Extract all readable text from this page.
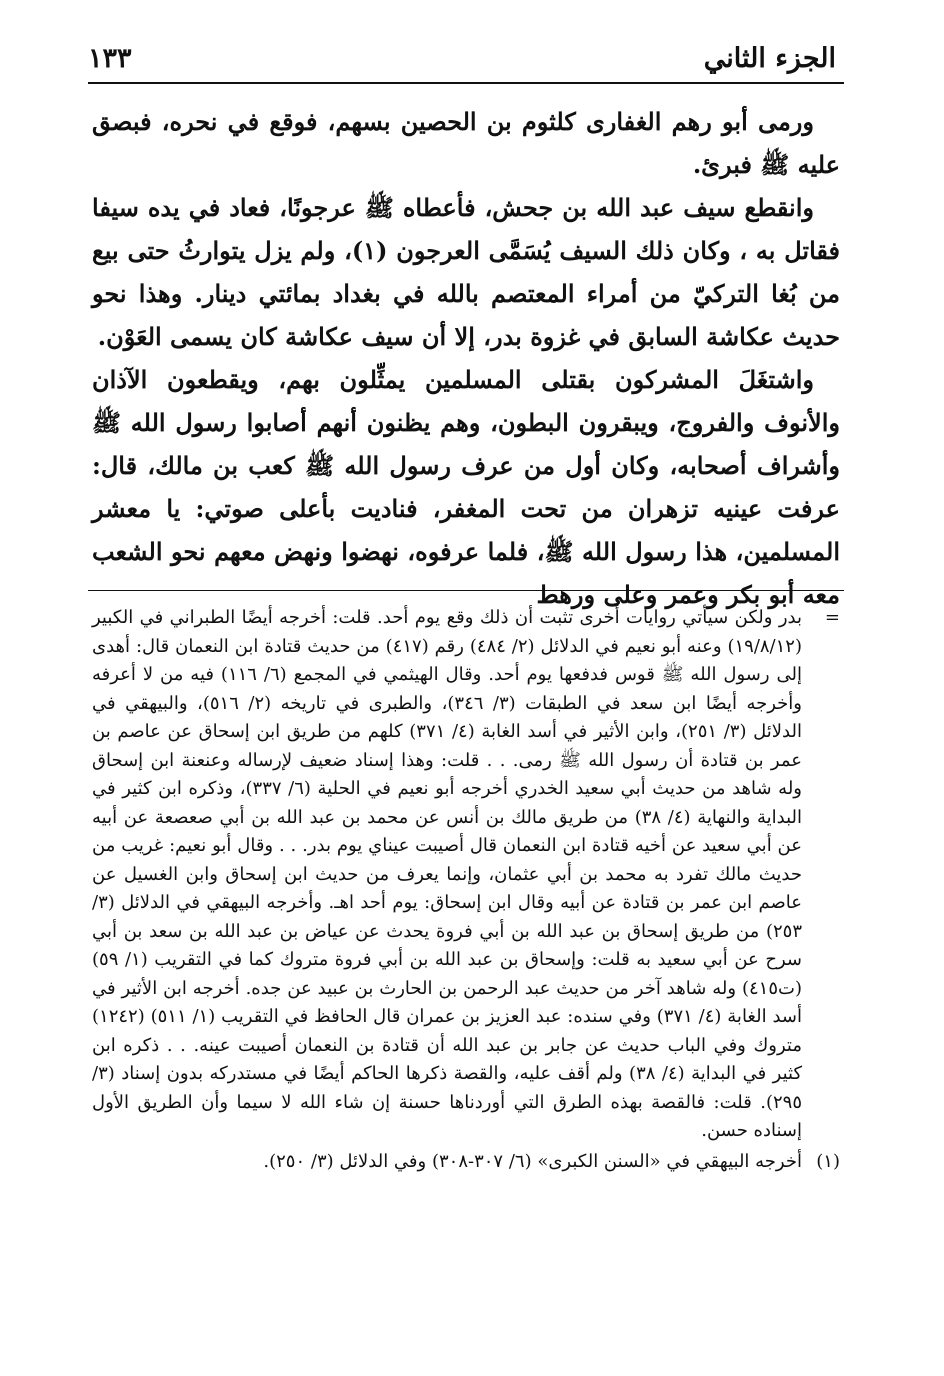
الجزء الثاني
١٣٣

ورمى أبو رهم الغفارى كلثوم بن الحصين بسهم، فوقع في نحره، فبصق عليه ﷺ فبرئ.

وانقطع سيف عبد الله بن جحش، فأعطاه ﷺ عرجونًا، فعاد في يده سيفا فقاتل به ، وكان ذلك السيف يُسَمَّى العرجون (١)، ولم يزل يتوارثُ حتى بيع من بُغا التركيّ من أمراء المعتصم بالله في بغداد بمائتي دينار. وهذا نحو حديث عكاشة السابق في غزوة بدر، إلا أن سيف عكاشة كان يسمى العَوْن.

واشتغَلَ المشركون بقتلى المسلمين يمثِّلون بهم، ويقطعون الآذان والأنوف والفروج، ويبقرون البطون، وهم يظنون أنهم أصابوا رسول الله ﷺ وأشراف أصحابه، وكان أول من عرف رسول الله ﷺ كعب بن مالك، قال: عرفت عينيه تزهران من تحت المغفر، فناديت بأعلى صوتي: يا معشر المسلمين، هذا رسول الله ﷺ، فلما عرفوه، نهضوا ونهض معهم نحو الشعب معه أبو بكر وعمر وعلى ورهط

=
بدر ولكن سيأتي روايات أخرى تثبت أن ذلك وقع يوم أحد. قلت: أخرجه أيضًا الطبراني في الكبير (١٩/٨/١٢) وعنه أبو نعيم في الدلائل (٢/ ٤٨٤) رقم (٤١٧) من حديث قتادة ابن النعمان قال: أهدى إلى رسول الله ﷺ قوس فدفعها يوم أحد. وقال الهيثمي في المجمع (٦/ ١١٦) فيه من لا أعرفه وأخرجه أيضًا ابن سعد في الطبقات (٣/ ٣٤٦)، والطبرى في تاريخه (٢/ ٥١٦)، والبيهقي في الدلائل (٣/ ٢٥١)، وابن الأثير في أسد الغابة (٤/ ٣٧١) كلهم من طريق ابن إسحاق عن عاصم بن عمر بن قتادة أن رسول الله ﷺ رمى. . . قلت: وهذا إسناد ضعيف لإرساله وعنعنة ابن إسحاق وله شاهد من حديث أبي سعيد الخدري أخرجه أبو نعيم في الحلية (٦/ ٣٣٧)، وذكره ابن كثير في البداية والنهاية (٤/ ٣٨) من طريق مالك بن أنس عن محمد بن عبد الله بن أبي صعصعة عن أبيه عن أبي سعيد عن أخيه قتادة ابن النعمان قال أصيبت عيناي يوم بدر. . . وقال أبو نعيم: غريب من حديث مالك تفرد به محمد بن أبي عثمان، وإنما يعرف من حديث ابن إسحاق وابن الغسيل عن عاصم ابن عمر بن قتادة عن أبيه وقال ابن إسحاق: يوم أحد اهـ. وأخرجه البيهقي في الدلائل (٣/ ٢٥٣) من طريق إسحاق بن عبد الله بن أبي فروة يحدث عن عياض بن عبد الله بن سعد بن أبي سرح عن أبي سعيد به قلت: وإسحاق بن عبد الله بن أبي فروة متروك كما في التقريب (١/ ٥٩) (ت٤١٥) وله شاهد آخر من حديث عبد الرحمن بن الحارث بن عبيد عن جده. أخرجه ابن الأثير في أسد الغابة (٤/ ٣٧١) وفي سنده: عبد العزيز بن عمران قال الحافظ في التقريب (١/ ٥١١) (١٢٤٢) متروك وفي الباب حديث عن جابر بن عبد الله أن قتادة بن النعمان أصيبت عينه. . . ذكره ابن كثير في البداية (٤/ ٣٨) ولم أقف عليه، والقصة ذكرها الحاكم أيضًا في مستدركه بدون إسناد (٣/ ٢٩٥). قلت: فالقصة بهذه الطرق التي أوردناها حسنة إن شاء الله لا سيما وأن الطريق الأول إسناده حسن.
(١)
أخرجه البيهقي في «السنن الكبرى» (٦/ ٣٠٧-٣٠٨) وفي الدلائل (٣/ ٢٥٠).
